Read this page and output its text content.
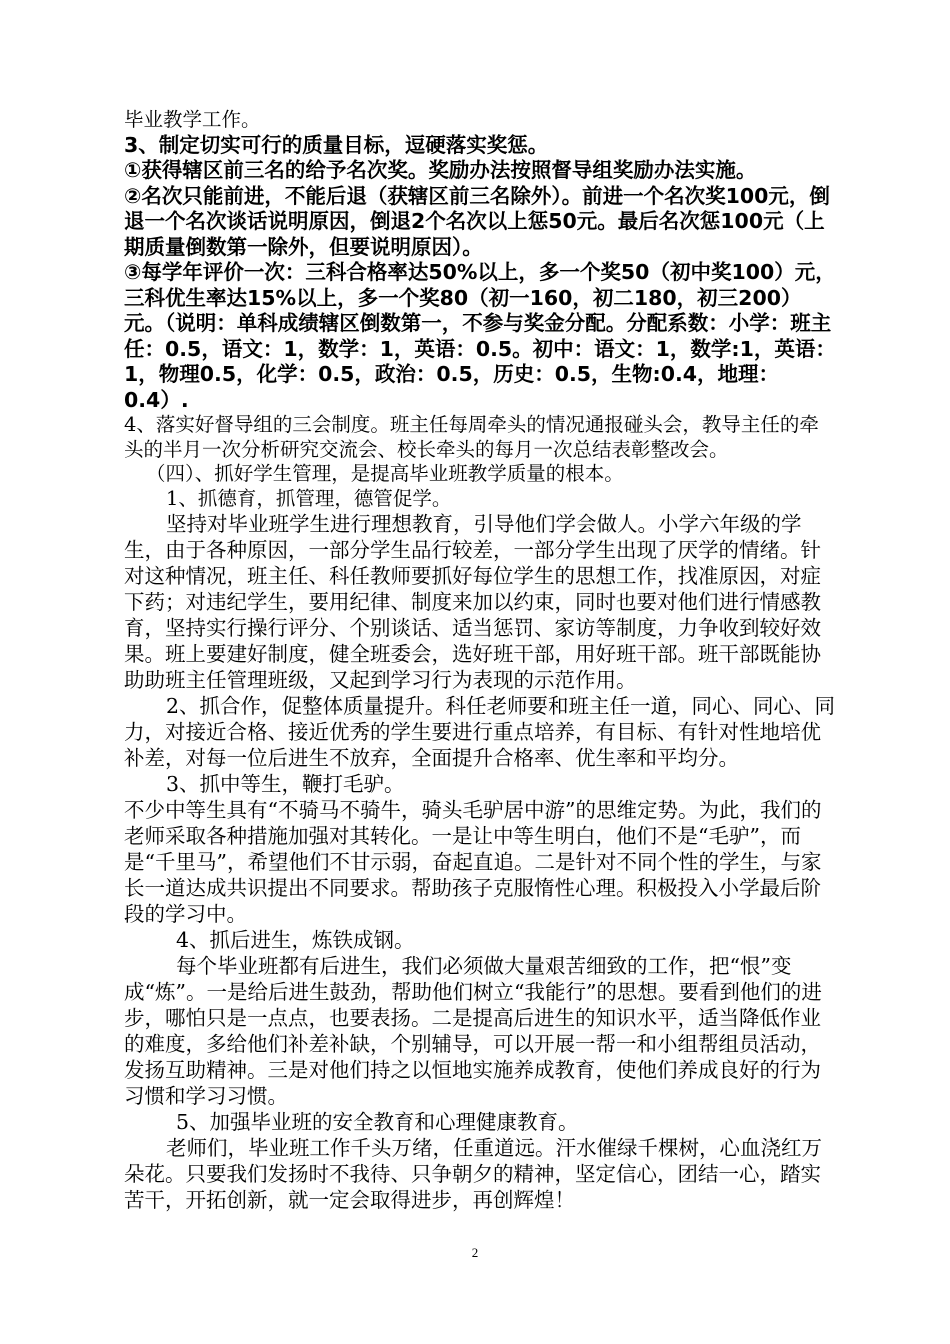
毕业教学工作。

3、制定切实可行的质量目标，逗硬落实奖惩。

①获得辖区前三名的给予名次奖。奖励办法按照督导组奖励办法实施。

②名次只能前进，不能后退（获辖区前三名除外）。前进一个名次奖100元，倒退一个名次谈话说明原因，倒退2个名次以上惩50元。最后名次惩100元（上期质量倒数第一除外，但要说明原因）。

③每学年评价一次：三科合格率达50%以上，多一个奖50（初中奖100）元，三科优生率达15%以上，多一个奖80（初一160，初二180，初三200）元。（说明：单科成绩辖区倒数第一，不参与奖金分配。分配系数：小学：班主任：0.5，语文：1，数学：1，英语：0.5。初中：语文：1，数学:1，英语：1，物理0.5，化学：0.5，政治：0.5，历史：0.5，生物:0.4，地理：0.4）.

4、落实好督导组的三会制度。班主任每周牵头的情况通报碰头会，教导主任的牵头的半月一次分析研究交流会、校长牵头的每月一次总结表彰整改会。

（四）、抓好学生管理，是提高毕业班教学质量的根本。

1、抓德育，抓管理，德管促学。

坚持对毕业班学生进行理想教育，引导他们学会做人。小学六年级的学生，由于各种原因，一部分学生品行较差，一部分学生出现了厌学的情绪。针对这种情况，班主任、科任教师要抓好每位学生的思想工作，找准原因，对症下药；对违纪学生，要用纪律、制度来加以约束，同时也要对他们进行情感教育，坚持实行操行评分、个别谈话、适当惩罚、家访等制度，力争收到较好效果。班上要建好制度，健全班委会，选好班干部，用好班干部。班干部既能协助助班主任管理班级，又起到学习行为表现的示范作用。

2、抓合作，促整体质量提升。科任老师要和班主任一道，同心、同心、同力，对接近合格、接近优秀的学生要进行重点培养，有目标、有针对性地培优补差，对每一位后进生不放弃，全面提升合格率、优生率和平均分。

3、抓中等生，鞭打毛驴。

不少中等生具有“不骑马不骑牛，骑头毛驴居中游”的思维定势。为此，我们的老师采取各种措施加强对其转化。一是让中等生明白，他们不是“毛驴”，而是“千里马”，希望他们不甘示弱，奋起直追。二是针对不同个性的学生，与家长一道达成共识提出不同要求。帮助孩子克服惰性心理。积极投入小学最后阶段的学习中。

4、抓后进生，炼铁成钢。

每个毕业班都有后进生，我们必须做大量艰苦细致的工作，把“恨”变成“炼”。一是给后进生鼓劲，帮助他们树立“我能行”的思想。要看到他们的进步，哪怕只是一点点，也要表扬。二是提高后进生的知识水平，适当降低作业的难度，多给他们补差补缺，个别辅导，可以开展一帮一和小组帮组员活动，发扬互助精神。三是对他们持之以恒地实施养成教育，使他们养成良好的行为习惯和学习习惯。

5、加强毕业班的安全教育和心理健康教育。

老师们，毕业班工作千头万绪，任重道远。汗水催绿千棵树，心血浇红万朵花。只要我们发扬时不我待、只争朝夕的精神，坚定信心，团结一心，踏实苦干，开拓创新，就一定会取得进步，再创辉煌！

2
